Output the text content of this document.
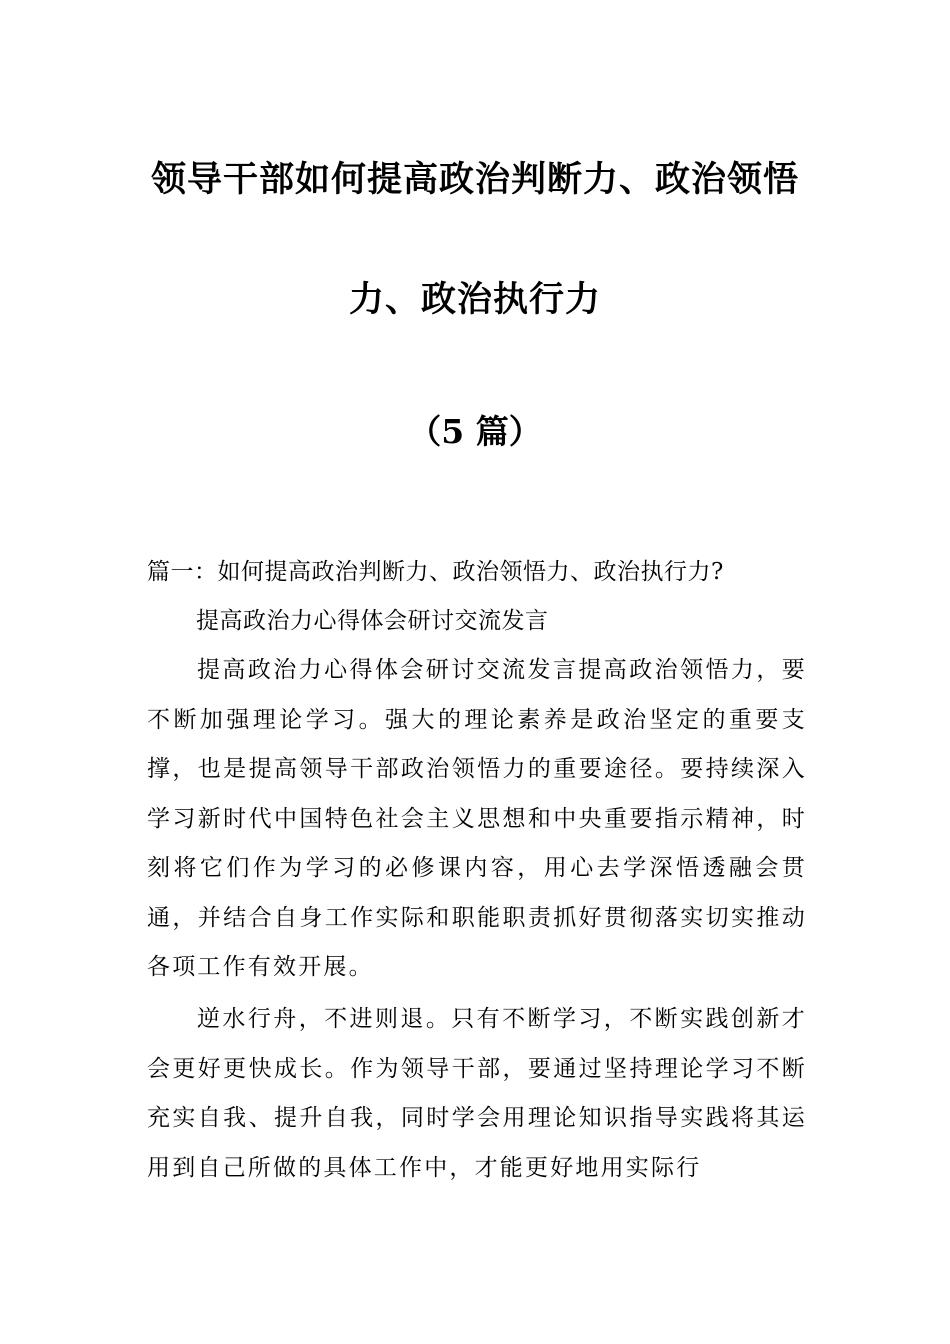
领导干部如何提高政治判断力、政治领悟
力、政治执行力
（5 篇）
篇一：如何提高政治判断力、政治领悟力、政治执行力?
提高政治力心得体会研讨交流发言

提高政治力心得体会研讨交流发言提高政治领悟力，要不断加强理论学习。强大的理论素养是政治坚定的重要支撑，也是提高领导干部政治领悟力的重要途径。要持续深入学习新时代中国特色社会主义思想和中央重要指示精神，时刻将它们作为学习的必修课内容，用心去学深悟透融会贯通，并结合自身工作实际和职能职责抓好贯彻落实切实推动各项工作有效开展。

逆水行舟，不进则退。只有不断学习，不断实践创新才会更好更快成长。作为领导干部，要通过坚持理论学习不断充实自我、提升自我，同时学会用理论知识指导实践将其运用到自己所做的具体工作中，才能更好地用实际行
